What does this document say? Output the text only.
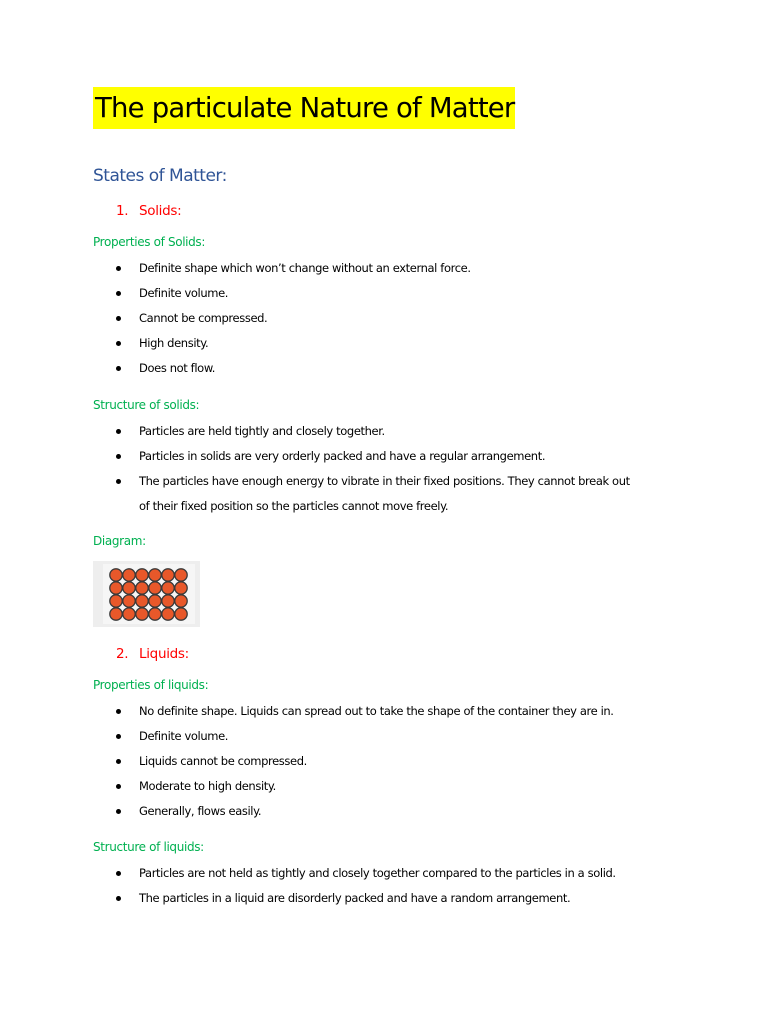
The particulate Nature of Matter
States of Matter:
1. Solids:
Properties of Solids:
Definite shape which won’t change without an external force.
Definite volume.
Cannot be compressed.
High density.
Does not flow.
Structure of solids:
Particles are held tightly and closely together.
Particles in solids are very orderly packed and have a regular arrangement.
The particles have enough energy to vibrate in their fixed positions. They cannot break out
of their fixed position so the particles cannot move freely.
Diagram:
2. Liquids:
Properties of liquids:
No definite shape. Liquids can spread out to take the shape of the container they are in.
Definite volume.
Liquids cannot be compressed.
Moderate to high density.
Generally, flows easily.
Structure of liquids:
Particles are not held as tightly and closely together compared to the particles in a solid.
The particles in a liquid are disorderly packed and have a random arrangement.
